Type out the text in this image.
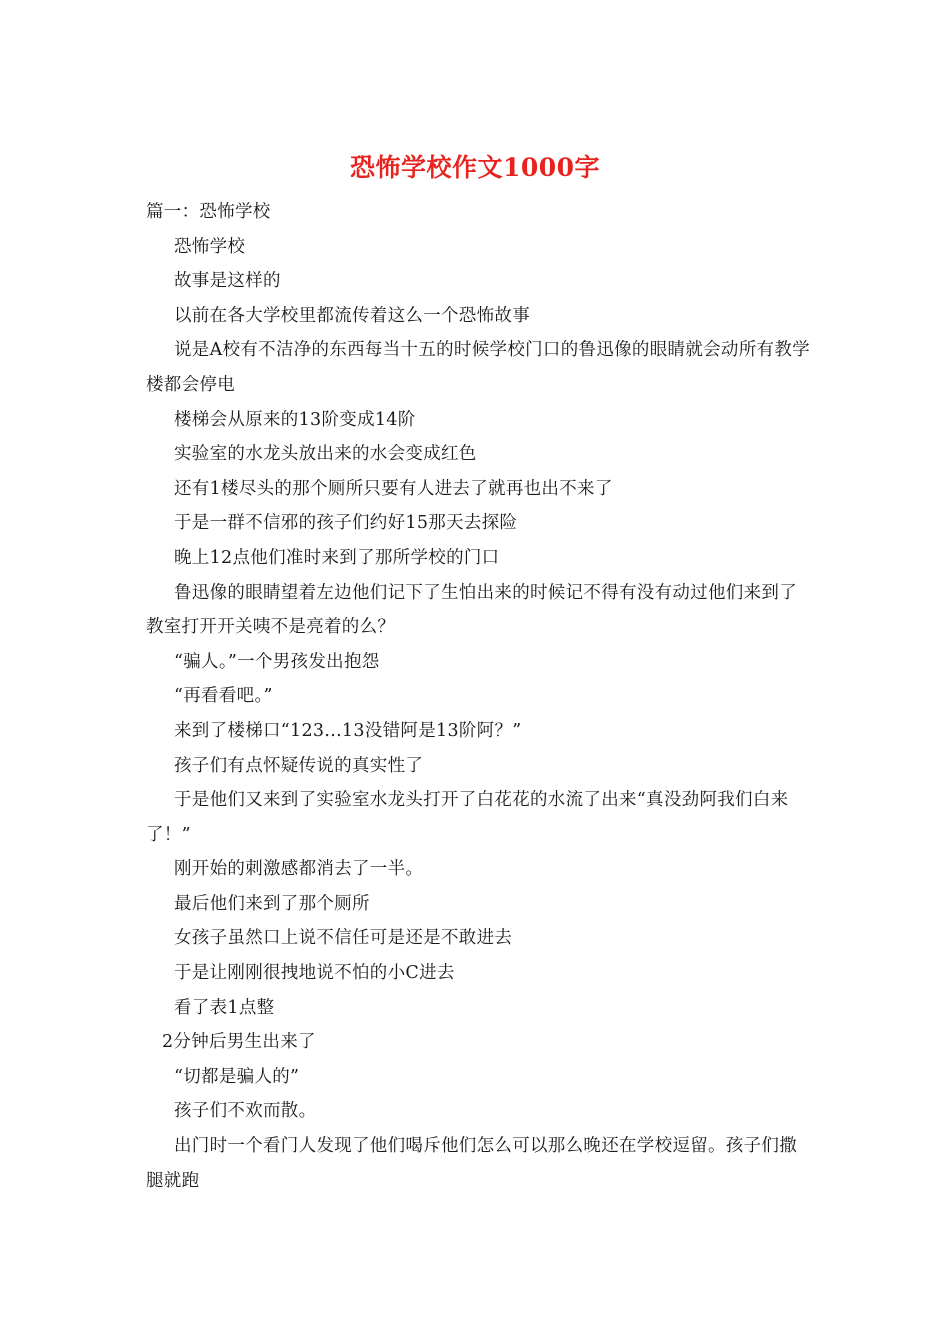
恐怖学校作文1000字

篇一：恐怖学校

恐怖学校

故事是这样的

以前在各大学校里都流传着这么一个恐怖故事

说是A校有不洁净的东西每当十五的时候学校门口的鲁迅像的眼睛就会动所有教学楼都会停电

楼梯会从原来的13阶变成14阶

实验室的水龙头放出来的水会变成红色

还有1楼尽头的那个厕所只要有人进去了就再也出不来了

于是一群不信邪的孩子们约好15那天去探险

晚上12点他们准时来到了那所学校的门口

鲁迅像的眼睛望着左边他们记下了生怕出来的时候记不得有没有动过他们来到了教室打开开关咦不是亮着的么？

“骗人。”一个男孩发出抱怨

“再看看吧。”

来到了楼梯口“123...13没错阿是13阶阿？”

孩子们有点怀疑传说的真实性了

于是他们又来到了实验室水龙头打开了白花花的水流了出来“真没劲阿我们白来了！”

刚开始的刺激感都消去了一半。

最后他们来到了那个厕所

女孩子虽然口上说不信任可是还是不敢进去

于是让刚刚很拽地说不怕的小C进去

看了表1点整

2分钟后男生出来了

“切都是骗人的”

孩子们不欢而散。

出门时一个看门人发现了他们喝斥他们怎么可以那么晚还在学校逗留。孩子们撒腿就跑
